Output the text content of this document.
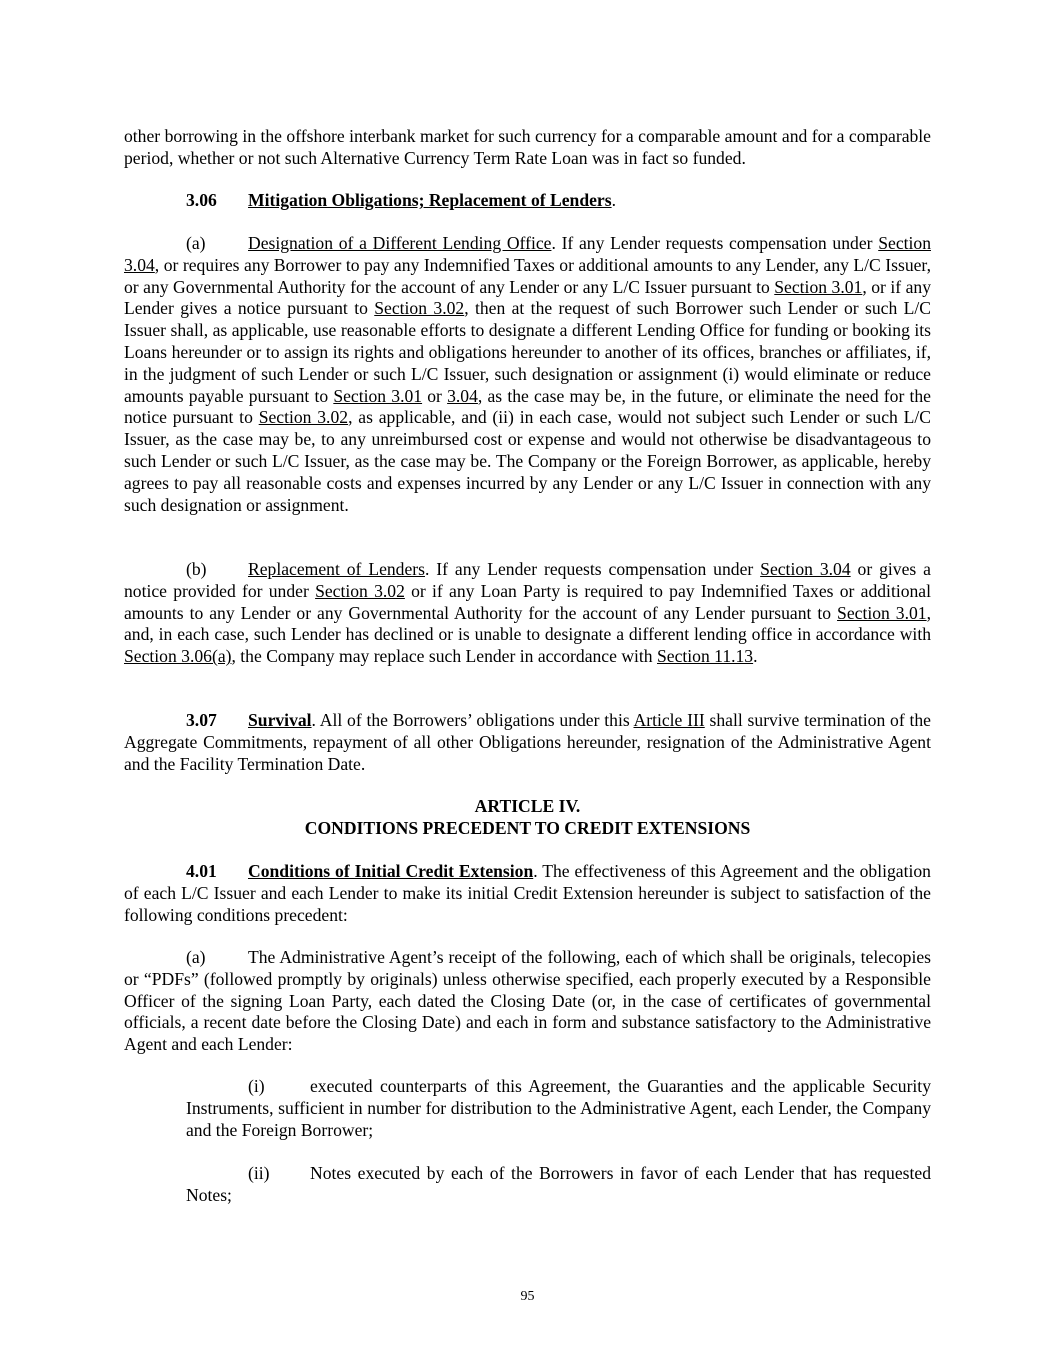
other borrowing in the offshore interbank market for such currency for a comparable amount and for a comparable period, whether or not such Alternative Currency Term Rate Loan was in fact so funded.

3.06 Mitigation Obligations; Replacement of Lenders.

(a) Designation of a Different Lending Office. If any Lender requests compensation under Section 3.04, or requires any Borrower to pay any Indemnified Taxes or additional amounts to any Lender, any L/C Issuer, or any Governmental Authority for the account of any Lender or any L/C Issuer pursuant to Section 3.01, or if any Lender gives a notice pursuant to Section 3.02, then at the request of such Borrower such Lender or such L/C Issuer shall, as applicable, use reasonable efforts to designate a different Lending Office for funding or booking its Loans hereunder or to assign its rights and obligations hereunder to another of its offices, branches or affiliates, if, in the judgment of such Lender or such L/C Issuer, such designation or assignment (i) would eliminate or reduce amounts payable pursuant to Section 3.01 or 3.04, as the case may be, in the future, or eliminate the need for the notice pursuant to Section 3.02, as applicable, and (ii) in each case, would not subject such Lender or such L/C Issuer, as the case may be, to any unreimbursed cost or expense and would not otherwise be disadvantageous to such Lender or such L/C Issuer, as the case may be. The Company or the Foreign Borrower, as applicable, hereby agrees to pay all reasonable costs and expenses incurred by any Lender or any L/C Issuer in connection with any such designation or assignment.

(b) Replacement of Lenders. If any Lender requests compensation under Section 3.04 or gives a notice provided for under Section 3.02 or if any Loan Party is required to pay Indemnified Taxes or additional amounts to any Lender or any Governmental Authority for the account of any Lender pursuant to Section 3.01, and, in each case, such Lender has declined or is unable to designate a different lending office in accordance with Section 3.06(a), the Company may replace such Lender in accordance with Section 11.13.

3.07 Survival. All of the Borrowers’ obligations under this Article III shall survive termination of the Aggregate Commitments, repayment of all other Obligations hereunder, resignation of the Administrative Agent and the Facility Termination Date.

ARTICLE IV.

CONDITIONS PRECEDENT TO CREDIT EXTENSIONS

4.01 Conditions of Initial Credit Extension. The effectiveness of this Agreement and the obligation of each L/C Issuer and each Lender to make its initial Credit Extension hereunder is subject to satisfaction of the following conditions precedent:

(a) The Administrative Agent’s receipt of the following, each of which shall be originals, telecopies or “PDFs” (followed promptly by originals) unless otherwise specified, each properly executed by a Responsible Officer of the signing Loan Party, each dated the Closing Date (or, in the case of certificates of governmental officials, a recent date before the Closing Date) and each in form and substance satisfactory to the Administrative Agent and each Lender:

(i)	executed counterparts of this Agreement, the Guaranties and the applicable Security Instruments, sufficient in number for distribution to the Administrative Agent, each Lender, the Company and the Foreign Borrower;

(ii) Notes executed by each of the Borrowers in favor of each Lender that has requested Notes;

95
